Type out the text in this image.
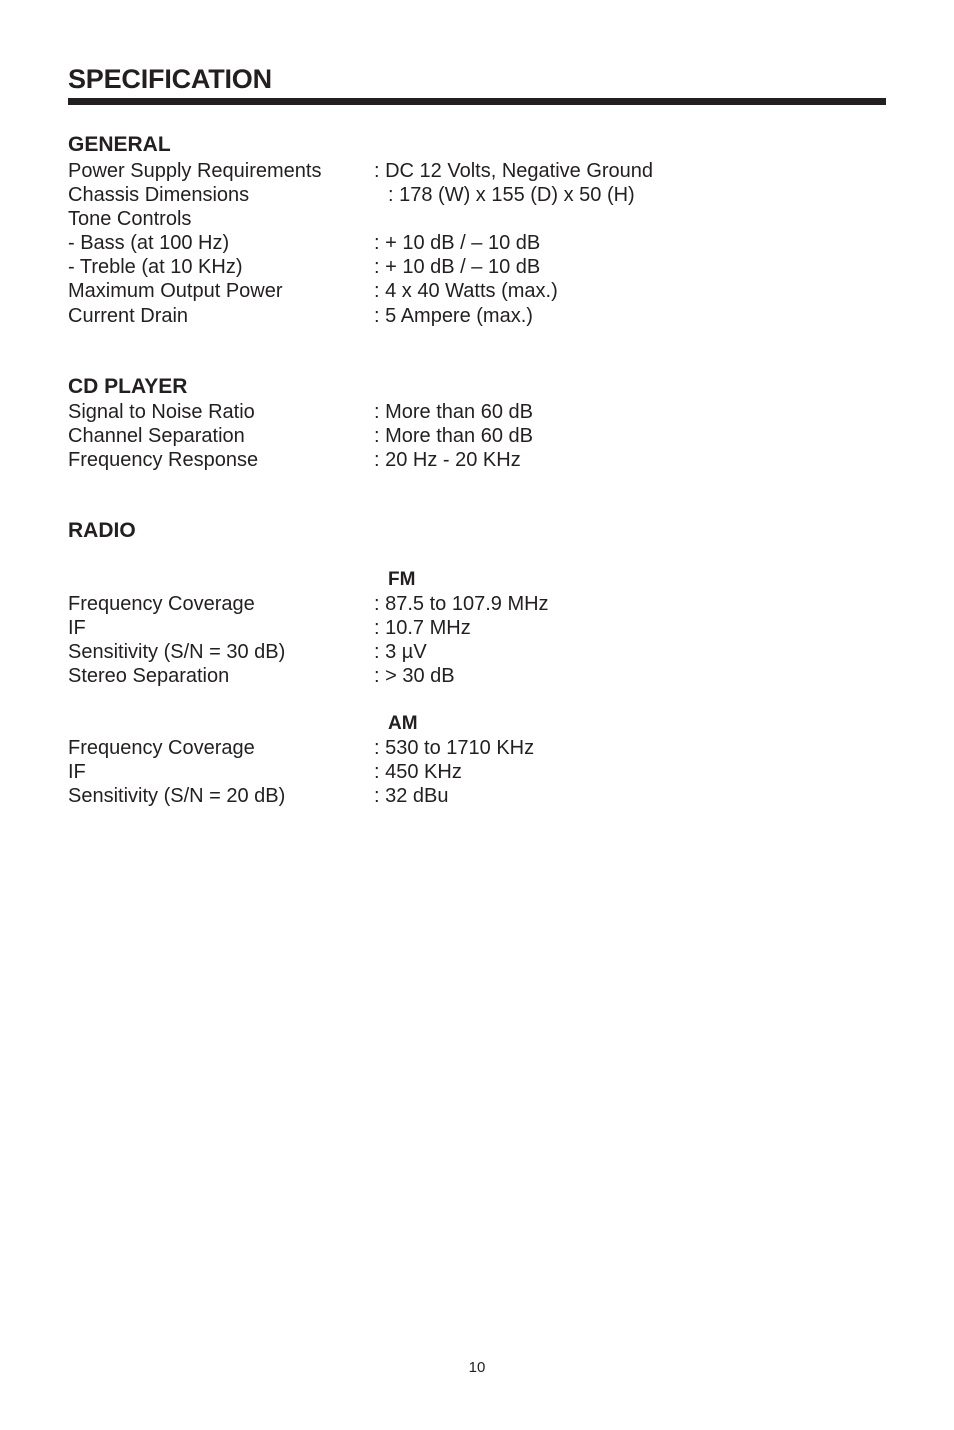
SPECIFICATION
GENERAL
Power Supply Requirements	: DC 12 Volts, Negative Ground
Chassis Dimensions	: 178 (W) x 155 (D) x 50 (H)
Tone Controls
- Bass (at 100 Hz)	: + 10 dB / – 10 dB
- Treble (at 10 KHz)	: + 10 dB / – 10 dB
Maximum Output Power	: 4 x 40 Watts (max.)
Current Drain	: 5 Ampere (max.)
CD PLAYER
Signal to Noise Ratio	: More than 60 dB
Channel Separation	: More than 60 dB
Frequency Response	: 20 Hz - 20 KHz
RADIO
FM
Frequency Coverage	: 87.5 to 107.9 MHz
IF	: 10.7 MHz
Sensitivity (S/N = 30 dB)	: 3 µV
Stereo Separation	: > 30 dB
AM
Frequency Coverage	: 530 to 1710 KHz
IF	: 450 KHz
Sensitivity (S/N = 20 dB)	: 32 dBu
10
